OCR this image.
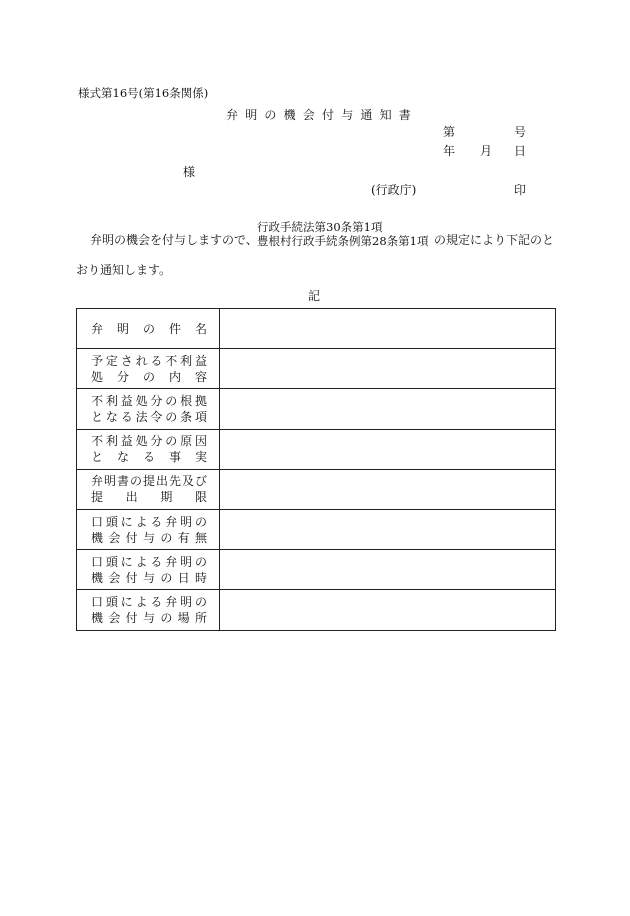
様式第16号(第16条関係)
弁明の機会付与通知書
第	号
年 月 日
様
(行政庁)	印
弁明の機会を付与しますので、
行政手続法第30条第1項
豊根村行政手続条例第28条第1項 の規定により下記のと
おり通知します。
記
弁明の件名	

予定される不利益
処分の内容	

不利益処分の根拠
となる法令の条項	

不利益処分の原因
となる事実	

弁明書の提出先及び
提出期限	

口頭による弁明の
機会付与の有無	

口頭による弁明の
機会付与の日時	

口頭による弁明の
機会付与の場所	
